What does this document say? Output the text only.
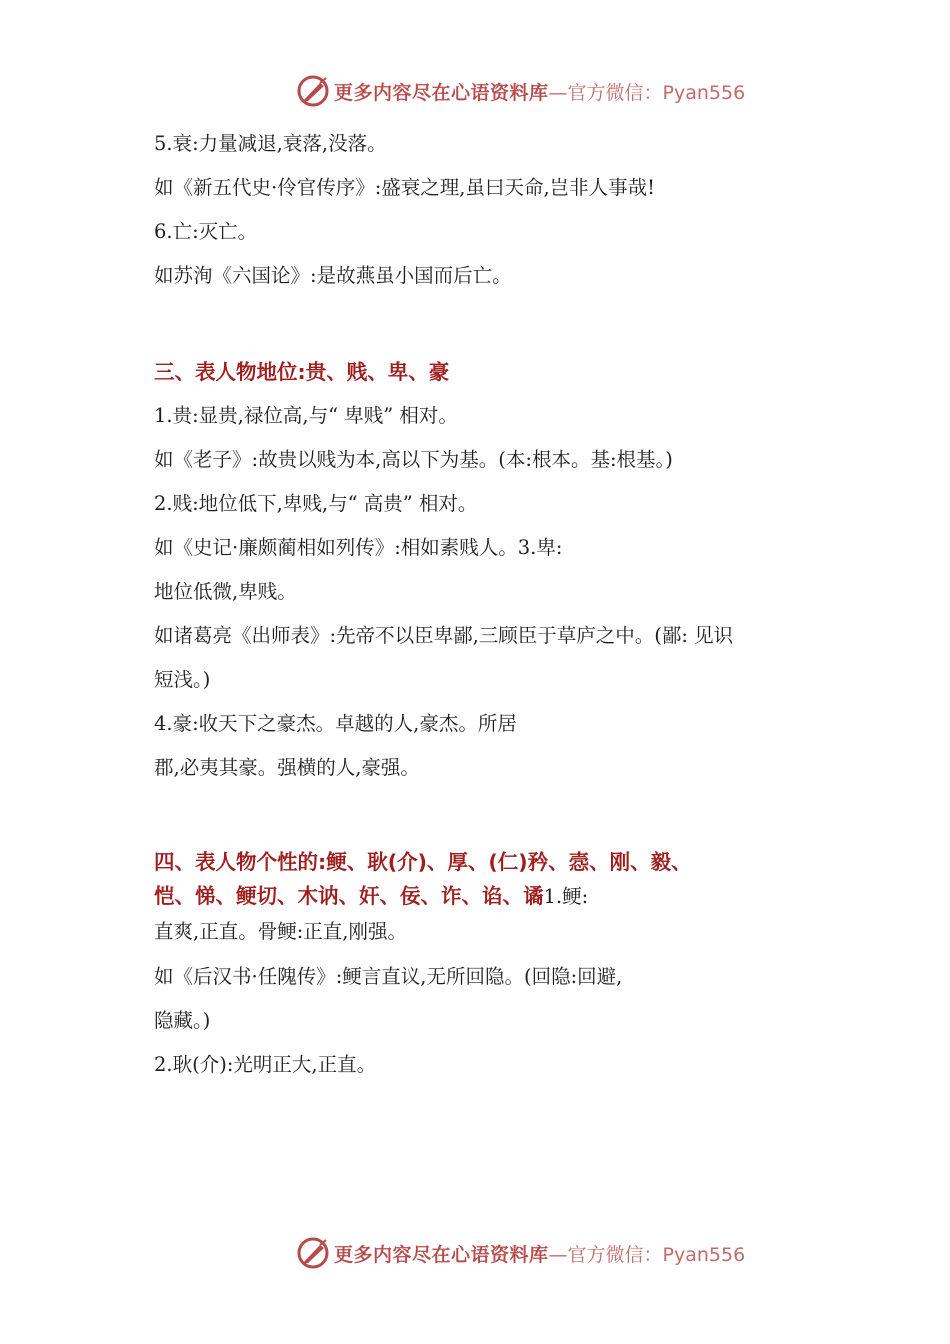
更多内容尽在心语资料库 —官方微信：Pyan556
5.衰:力量减退,衰落,没落。
如《新五代史·伶官传序》:盛衰之理,虽曰天命,岂非人事哉!
6.亡:灭亡。
如苏洵《六国论》:是故燕虽小国而后亡。
三、表人物地位:贵、贱、卑、豪
1.贵:显贵,禄位高,与“ 卑贱” 相对。
如《老子》:故贵以贱为本,高以下为基。(本:根本。基:根基。)
2.贱:地位低下,卑贱,与“ 高贵” 相对。
如《史记·廉颇蔺相如列传》:相如素贱人。3.卑:
地位低微,卑贱。
如诸葛亮《出师表》:先帝不以臣卑鄙,三顾臣于草庐之中。(鄙: 见识
短浅。)
4.豪:收天下之豪杰。卓越的人,豪杰。所居
郡,必夷其豪。强横的人,豪强。
四、表人物个性的:鲠、耿(介)、厚、(仁)矜、悫、刚、毅、
恺、悌、鲠切、木讷、奸、佞、诈、谄、谲1.鲠:
直爽,正直。骨鲠:正直,刚强。
如《后汉书·任隗传》:鲠言直议,无所回隐。(回隐:回避,
隐藏。)
2.耿(介):光明正大,正直。
更多内容尽在心语资料库 —官方微信：Pyan556
